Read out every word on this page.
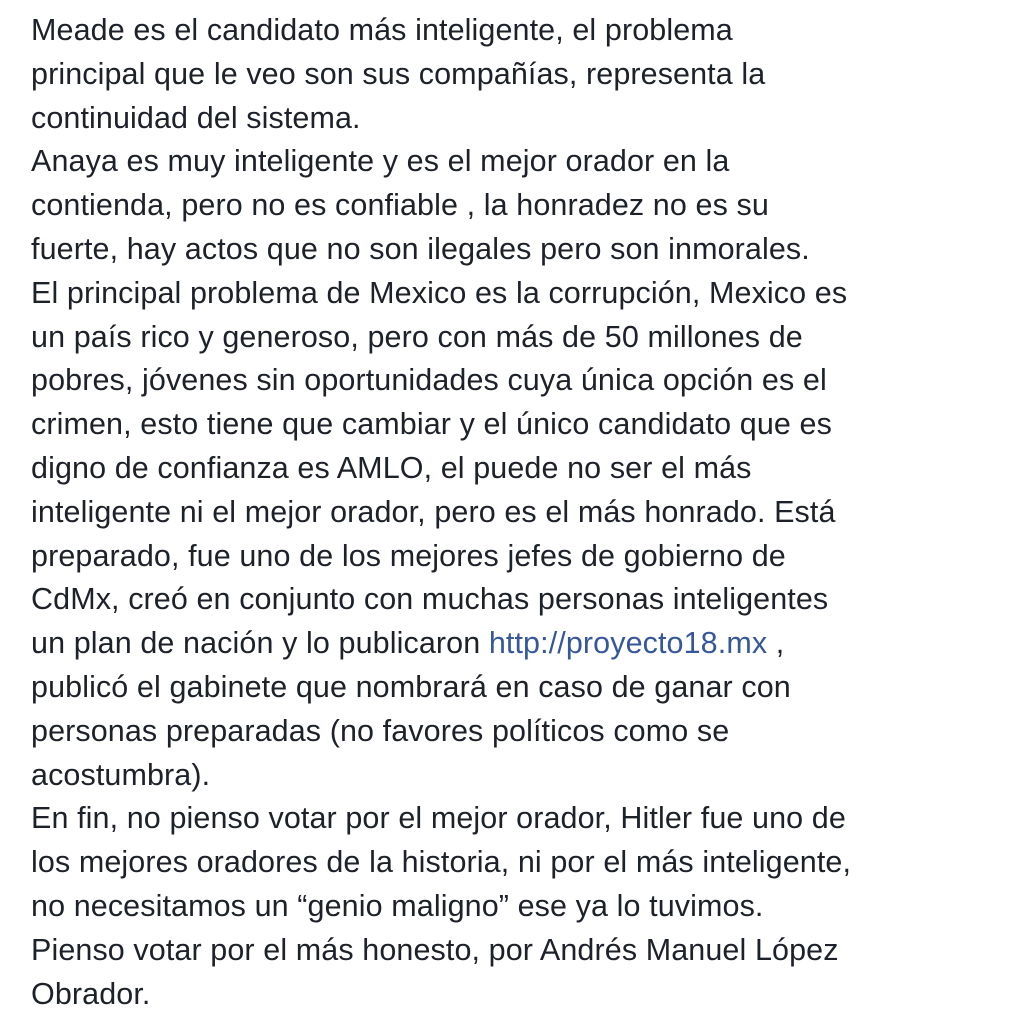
Meade es el candidato más inteligente, el problema
principal que le veo son sus compañías, representa la
continuidad del sistema.

Anaya es muy inteligente y es el mejor orador en la
contienda, pero no es confiable , la honradez no es su
fuerte, hay actos que no son ilegales pero son inmorales.

El principal problema de Mexico es la corrupción, Mexico es
un país rico y generoso, pero con más de 50 millones de
pobres, jóvenes sin oportunidades cuya única opción es el
crimen, esto tiene que cambiar y el único candidato que es
digno de confianza es AMLO, el puede no ser el más
inteligente ni el mejor orador, pero es el más honrado. Está
preparado, fue uno de los mejores jefes de gobierno de
CdMx, creó en conjunto con muchas personas inteligentes
un plan de nación y lo publicaron http://proyecto18.mx ,
publicó el gabinete que nombrará en caso de ganar con
personas preparadas (no favores políticos como se
acostumbra).

En fin, no pienso votar por el mejor orador, Hitler fue uno de
los mejores oradores de la historia, ni por el más inteligente,
no necesitamos un “genio maligno” ese ya lo tuvimos.
Pienso votar por el más honesto, por Andrés Manuel López
Obrador.
